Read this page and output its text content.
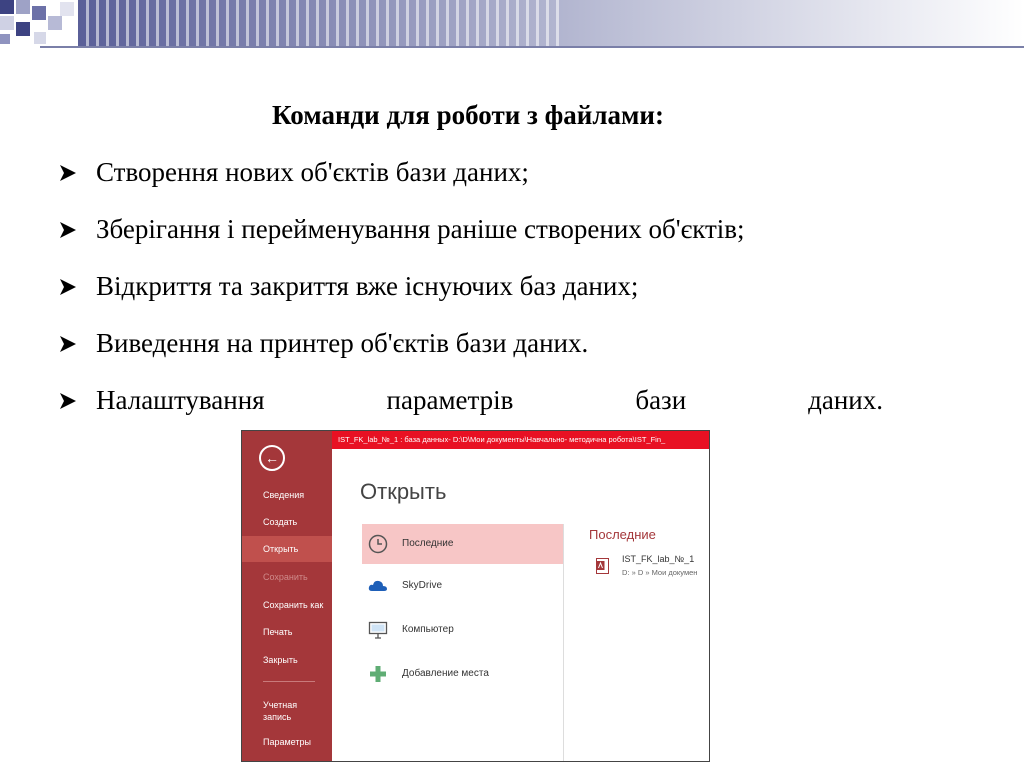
Команди для роботи з файлами:
Створення нових об'єктів бази даних;
Зберігання і перейменування раніше створених об'єктів;
Відкриття та закриття вже існуючих баз даних;
Виведення на принтер об'єктів бази даних.
Налаштування	параметрів	бази	даних.
←
Сведения
Создать
Открыть
Сохранить
Сохранить как
Печать
Закрыть
Учетная
запись
Параметры
IST_FK_lab_№_1 : база данных- D:\D\Мои документы\Навчально- методична робота\IST_Fin_
Открыть
Последние
SkyDrive
Компьютер
Добавление места
Последние
IST_FK_lab_№_1
D: » D » Мои докумен
